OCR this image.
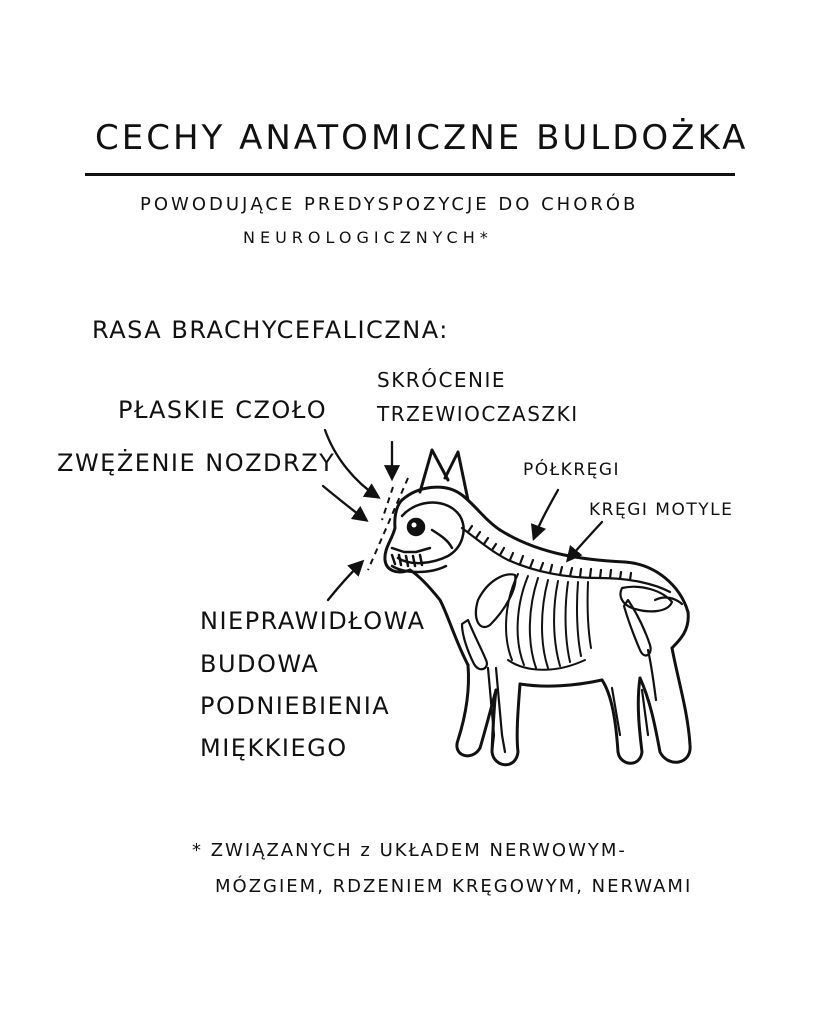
CECHY ANATOMICZNE BULDOŻKA
POWODUJĄCE PREDYSPOZYCJE DO CHORÓB
NEUROLOGICZNYCH*
RASA BRACHYCEFALICZNA:
PŁASKIE CZOŁO
SKRÓCENIE
TRZEWIOCZASZKI
ZWĘŻENIE NOZDRZY	PÓŁKRĘGI
KRĘGI MOTYLE
NIEPRAWIDŁOWA
BUDOWA
PODNIEBIENIA
MIĘKKIEGO
* ZWIĄZANYCH z UKŁADEM NERWOWYM-
MÓZGIEM, RDZENIEM KRĘGOWYM, NERWAMI
